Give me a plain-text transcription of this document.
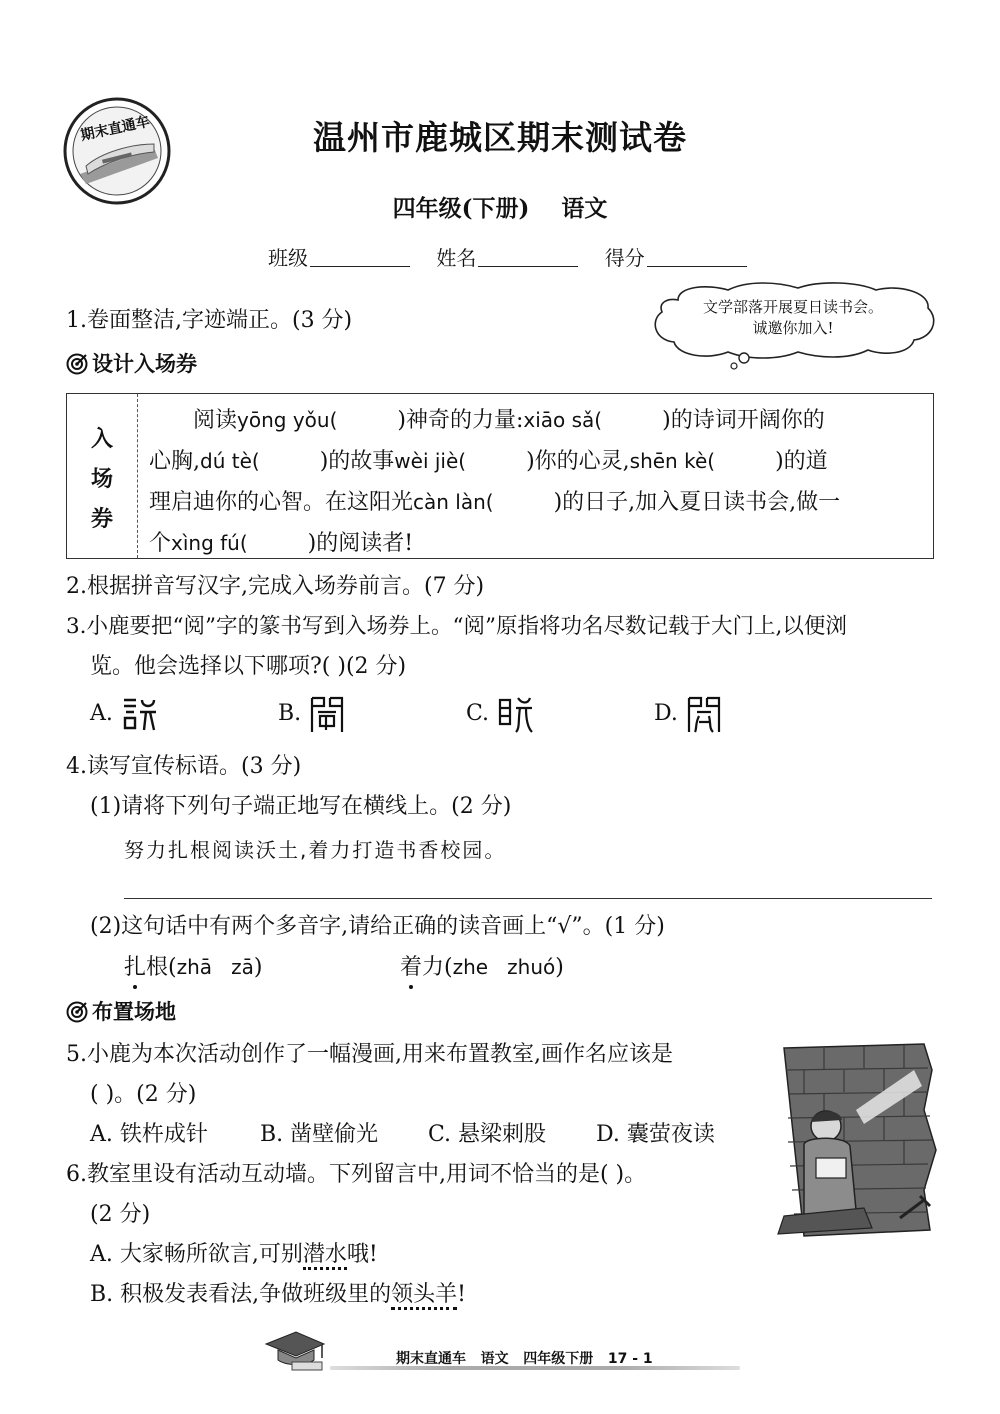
期末直通车	温州市鹿城区期末测试卷
四年级(下册) 语文
班级	姓名	得分
文学部落开展夏日读书会。
诚邀你加入!
1.卷面整洁,字迹端正。(3 分)
设计入场券
入
场
券
阅读yōng yǒu(	)神奇的力量:xiāo sǎ(	)的诗词开阔你的
心胸,dú tè(	)的故事wèi jiè(	)你的心灵,shēn kè(	)的道
理启迪你的心智。在这阳光càn làn(	)的日子,加入夏日读书会,做一
个xìng fú(	)的阅读者!
2.根据拼音写汉字,完成入场券前言。(7 分)
3.小鹿要把“阅”字的篆书写到入场券上。“阅”原指将功名尽数记载于大门上,以便浏
览。他会选择以下哪项?( )(2 分)
A.	B.	C.	D.
4.读写宣传标语。(3 分)
(1)请将下列句子端正地写在横线上。(2 分)
努力扎根阅读沃土,着力打造书香校园。
(2)这句话中有两个多音字,请给正确的读音画上“√”。(1 分)
扎根(zhā   zā)	着力(zhe   zhuó)
布置场地
5.小鹿为本次活动创作了一幅漫画,用来布置教室,画作名应该是
( )。(2 分)
A. 铁杵成针 B. 凿壁偷光 C. 悬梁刺股 D. 囊萤夜读
6.教室里设有活动互动墙。下列留言中,用词不恰当的是( )。
(2 分)
A. 大家畅所欲言,可别潜水哦!
B. 积极发表看法,争做班级里的领头羊!
期末直通车   语文   四年级下册   17 - 1
